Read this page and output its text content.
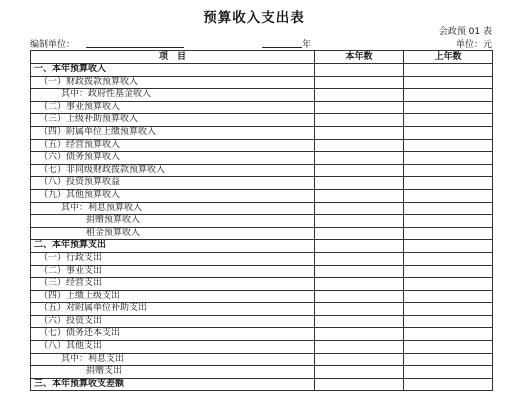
预算收入支出表
会政预 01 表
编制单位：	年	单位：元
项　目	本年数	上年数
一、本年预算收入		
（一）财政拨款预算收入		
其中：政府性基金收入		
（二）事业预算收入		
（三）上级补助预算收入		
（四）附属单位上缴预算收入		
（五）经营预算收入		
（六）债务预算收入		
（七）非同级财政拨款预算收入		
（八）投资预算收益		
（九）其他预算收入		
其中：利息预算收入		
捐赠预算收入		
租金预算收入		
二、本年预算支出		
（一）行政支出		
（二）事业支出		
（三）经营支出		
（四）上缴上级支出		
（五）对附属单位补助支出		
（六）投资支出		
（七）债务还本支出		
（八）其他支出		
其中：利息支出		
捐赠支出		
三、本年预算收支差额		
